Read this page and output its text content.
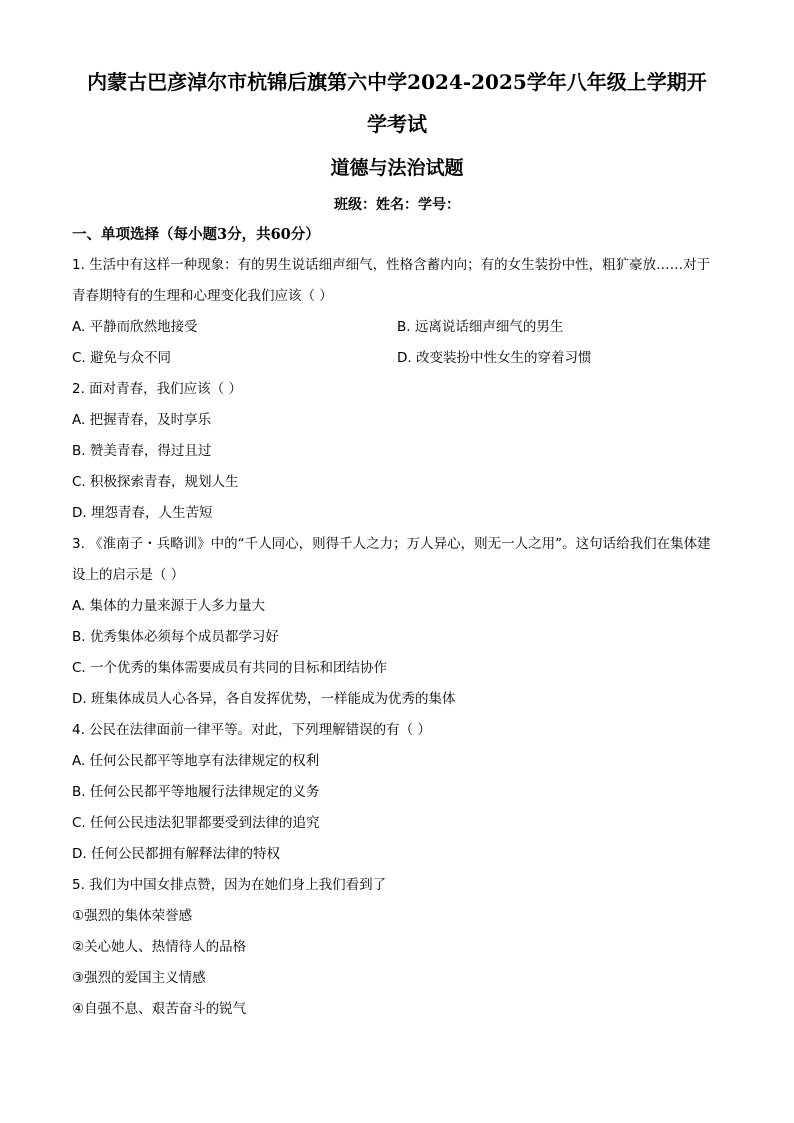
内蒙古巴彦淖尔市杭锦后旗第六中学2024-2025学年八年级上学期开
学考试
道德与法治试题
班级：姓名：学号：
一、单项选择（每小题3分，共60分）
1. 生活中有这样一种现象：有的男生说话细声细气，性格含蓄内向；有的女生装扮中性，粗犷豪放……对于青春期特有的生理和心理变化我们应该（ ）
A. 平静而欣然地接受	B. 远离说话细声细气的男生
C. 避免与众不同	D. 改变装扮中性女生的穿着习惯
2. 面对青春，我们应该（ ）
A. 把握青春，及时享乐
B. 赞美青春，得过且过
C. 积极探索青春，规划人生
D. 埋怨青春，人生苦短
3. 《淮南子・兵略训》中的“千人同心，则得千人之力；万人异心，则无一人之用”。这句话给我们在集体建设上的启示是（ ）
A. 集体的力量来源于人多力量大
B. 优秀集体必须每个成员都学习好
C. 一个优秀的集体需要成员有共同的目标和团结协作
D. 班集体成员人心各异，各自发挥优势，一样能成为优秀的集体
4. 公民在法律面前一律平等。对此，下列理解错误的有（ ）
A. 任何公民都平等地享有法律规定的权利
B. 任何公民都平等地履行法律规定的义务
C. 任何公民违法犯罪都要受到法律的追究
D. 任何公民都拥有解释法律的特权
5. 我们为中国女排点赞，因为在她们身上我们看到了
①强烈的集体荣誉感
②关心她人、热情待人的品格
③强烈的爱国主义情感
④自强不息、艰苦奋斗的锐气
